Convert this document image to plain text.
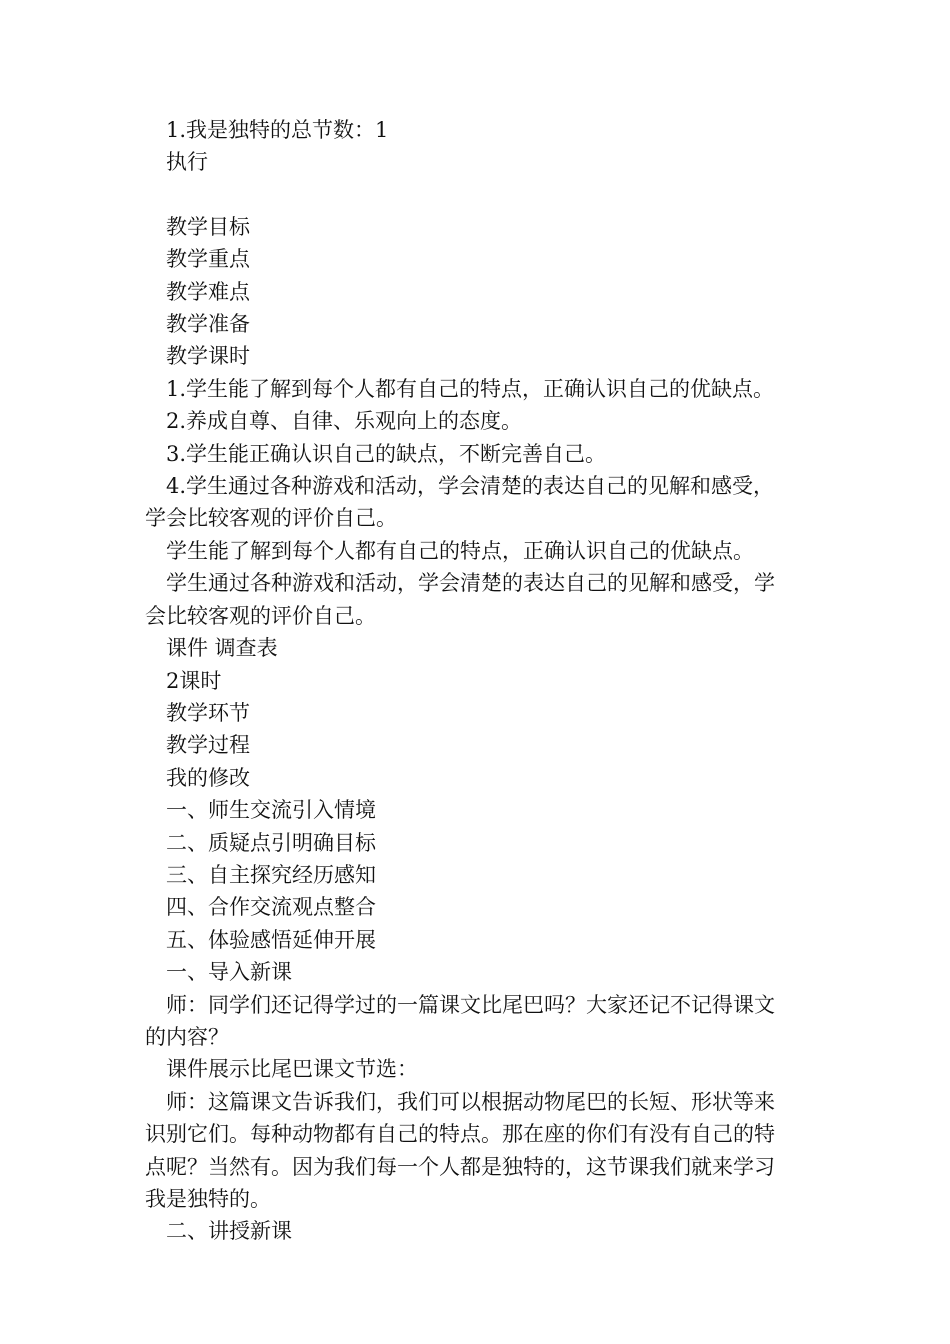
1.我是独特的总节数：1

执行

教学目标

教学重点

教学难点

教学准备

教学课时

1.学生能了解到每个人都有自己的特点，正确认识自己的优缺点。

2.养成自尊、自律、乐观向上的态度。

3.学生能正确认识自己的缺点，不断完善自己。

4.学生通过各种游戏和活动，学会清楚的表达自己的见解和感受，学会比较客观的评价自己。

学生能了解到每个人都有自己的特点，正确认识自己的优缺点。

学生通过各种游戏和活动，学会清楚的表达自己的见解和感受，学会比较客观的评价自己。

课件 调查表

2课时

教学环节

教学过程

我的修改

一、师生交流引入情境

二、质疑点引明确目标

三、自主探究经历感知

四、合作交流观点整合

五、体验感悟延伸开展

一、导入新课

师：同学们还记得学过的一篇课文比尾巴吗？大家还记不记得课文的内容？

课件展示比尾巴课文节选：

师：这篇课文告诉我们，我们可以根据动物尾巴的长短、形状等来识别它们。每种动物都有自己的特点。那在座的你们有没有自己的特点呢？当然有。因为我们每一个人都是独特的，这节课我们就来学习我是独特的。

二、讲授新课
